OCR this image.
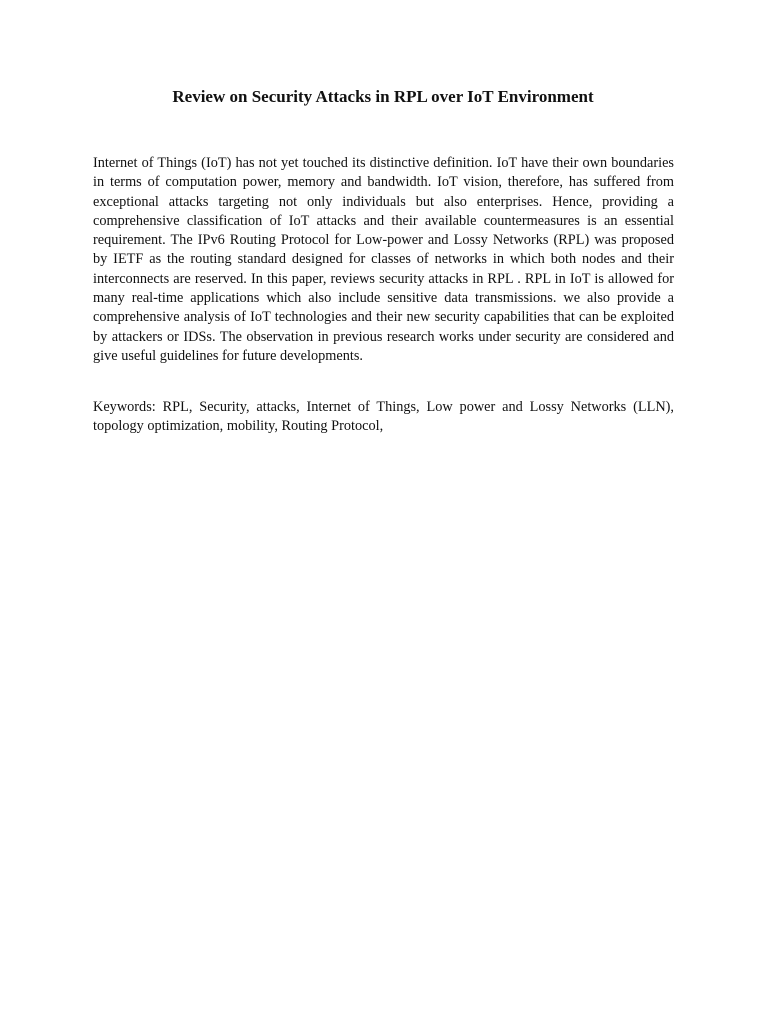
Review on Security Attacks in RPL over IoT Environment

Internet of Things (IoT) has not yet touched its distinctive definition. IoT have their own boundaries in terms of computation power, memory and bandwidth. IoT vision, therefore, has suffered from exceptional attacks targeting not only individuals but also enterprises. Hence, providing a comprehensive classification of IoT attacks and their available countermeasures is an essential requirement. The IPv6 Routing Protocol for Low-power and Lossy Networks (RPL) was proposed by IETF as the routing standard designed for classes of networks in which both nodes and their interconnects are reserved. In this paper, reviews security attacks in RPL . RPL in IoT is allowed for many real-time applications which also include sensitive data transmissions. we also provide a comprehensive analysis of IoT technologies and their new security capabilities that can be exploited by attackers or IDSs. The observation in previous research works under security are considered and give useful guidelines for future developments.

Keywords: RPL, Security, attacks, Internet of Things, Low power and Lossy Networks (LLN), topology optimization, mobility, Routing Protocol,
